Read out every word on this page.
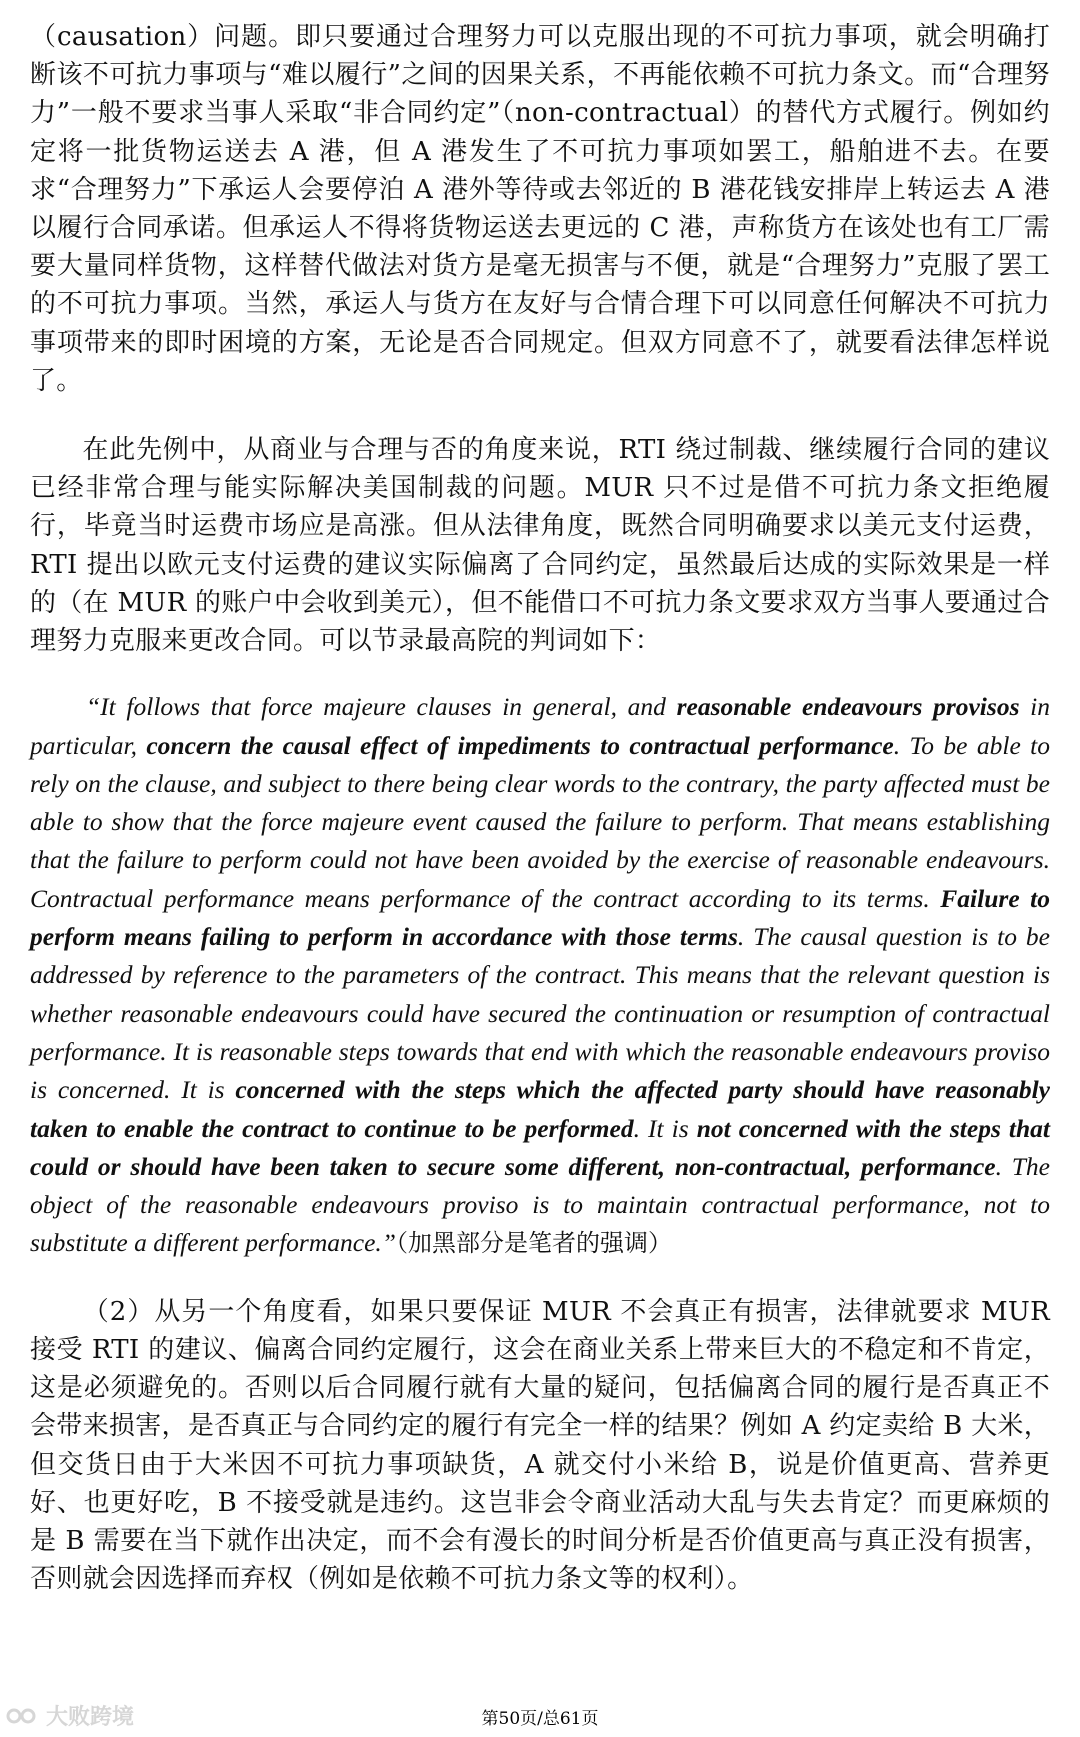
（causation）问题。即只要通过合理努力可以克服出现的不可抗力事项，就会明确打断该不可抗力事项与“难以履行”之间的因果关系，不再能依赖不可抗力条文。而“合理努力”一般不要求当事人采取“非合同约定”（non-contractual）的替代方式履行。例如约定将一批货物运送去 A 港，但 A 港发生了不可抗力事项如罢工，船舶进不去。在要求“合理努力”下承运人会要停泊 A 港外等待或去邻近的 B 港花钱安排岸上转运去 A 港以履行合同承诺。但承运人不得将货物运送去更远的 C 港，声称货方在该处也有工厂需要大量同样货物，这样替代做法对货方是毫无损害与不便，就是“合理努力”克服了罢工的不可抗力事项。当然，承运人与货方在友好与合情合理下可以同意任何解决不可抗力事项带来的即时困境的方案，无论是否合同规定。但双方同意不了，就要看法律怎样说了。

在此先例中，从商业与合理与否的角度来说，RTI 绕过制裁、继续履行合同的建议已经非常合理与能实际解决美国制裁的问题。MUR 只不过是借不可抗力条文拒绝履行，毕竟当时运费市场应是高涨。但从法律角度，既然合同明确要求以美元支付运费，RTI 提出以欧元支付运费的建议实际偏离了合同约定，虽然最后达成的实际效果是一样的（在 MUR 的账户中会收到美元），但不能借口不可抗力条文要求双方当事人要通过合理努力克服来更改合同。可以节录最高院的判词如下：

“It follows that force majeure clauses in general, and reasonable endeavours provisos in particular, concern the causal effect of impediments to contractual performance. To be able to rely on the clause, and subject to there being clear words to the contrary, the party affected must be able to show that the force majeure event caused the failure to perform. That means establishing that the failure to perform could not have been avoided by the exercise of reasonable endeavours. Contractual performance means performance of the contract according to its terms. Failure to perform means failing to perform in accordance with those terms. The causal question is to be addressed by reference to the parameters of the contract. This means that the relevant question is whether reasonable endeavours could have secured the continuation or resumption of contractual performance. It is reasonable steps towards that end with which the reasonable endeavours proviso is concerned. It is concerned with the steps which the affected party should have reasonably taken to enable the contract to continue to be performed. It is not concerned with the steps that could or should have been taken to secure some different, non-contractual, performance. The object of the reasonable endeavours proviso is to maintain contractual performance, not to substitute a different performance.”（加黑部分是笔者的强调）

（2）从另一个角度看，如果只要保证 MUR 不会真正有损害，法律就要求 MUR 接受 RTI 的建议、偏离合同约定履行，这会在商业关系上带来巨大的不稳定和不肯定，这是必须避免的。否则以后合同履行就有大量的疑问，包括偏离合同的履行是否真正不会带来损害，是否真正与合同约定的履行有完全一样的结果？例如 A 约定卖给 B 大米，但交货日由于大米因不可抗力事项缺货，A 就交付小米给 B，说是价值更高、营养更好、也更好吃，B 不接受就是违约。这岂非会令商业活动大乱与失去肯定？而更麻烦的是 B 需要在当下就作出决定，而不会有漫长的时间分析是否价值更高与真正没有损害，否则就会因选择而弃权（例如是依赖不可抗力条文等的权利）。

大败跨境	第50页/总61页
